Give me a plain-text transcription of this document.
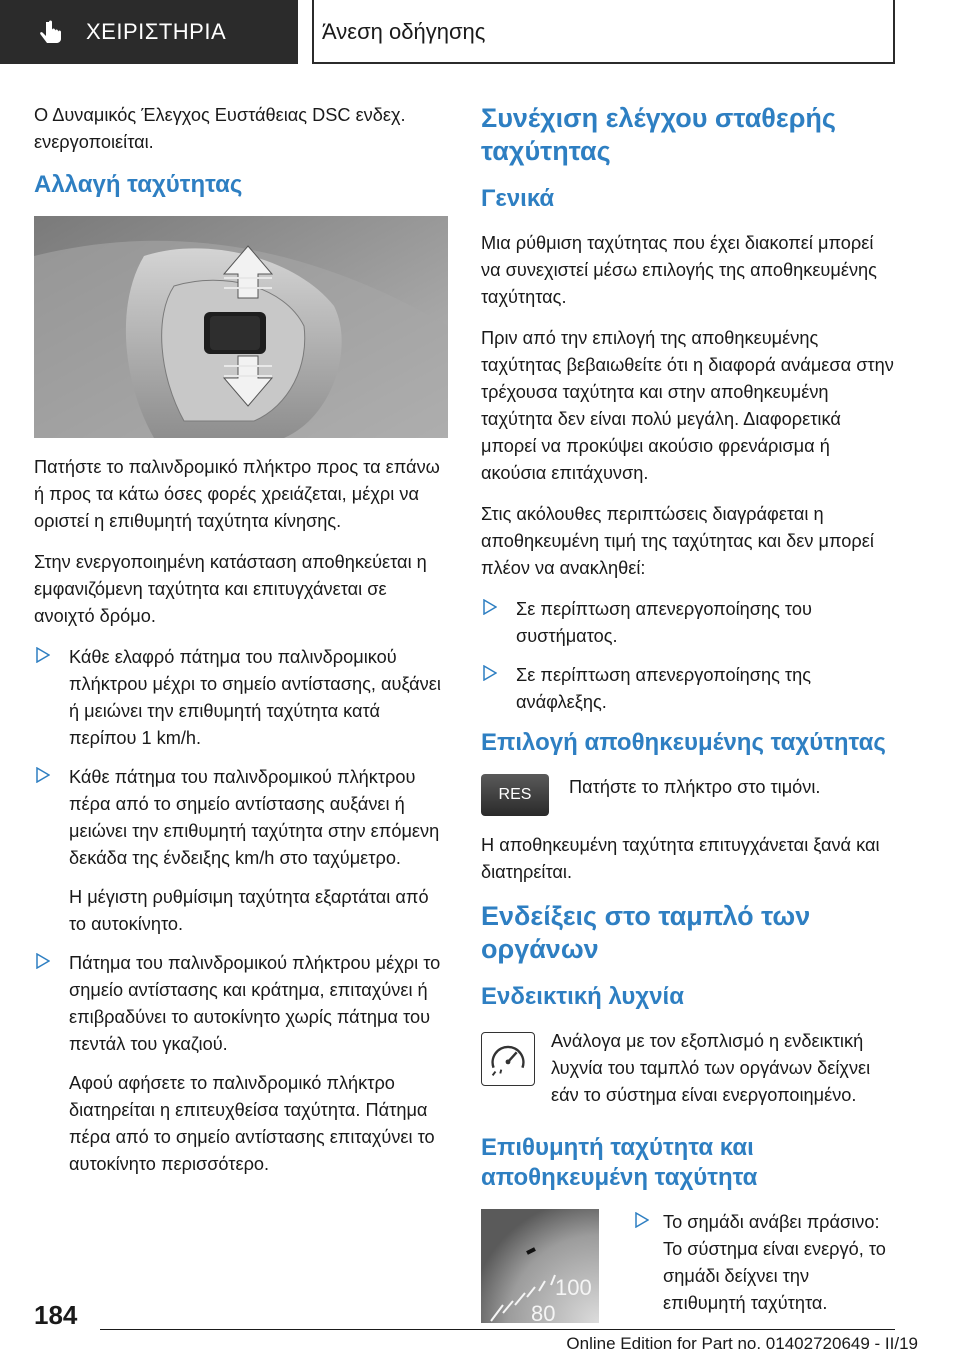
ΧΕΙΡΙΣΤΗΡΙΑ	Άνεση οδήγησης

Ο Δυναμικός Έλεγχος Ευστάθειας DSC ενδεχ. ενεργοποιείται.

Αλλαγή ταχύτητας

Πατήστε το παλινδρομικό πλήκτρο προς τα επάνω ή προς τα κάτω όσες φορές χρειάζεται, μέχρι να οριστεί η επιθυμητή ταχύτητα κίνησης.

Στην ενεργοποιημένη κατάσταση αποθηκεύεται η εμφανιζόμενη ταχύτητα και επιτυγχάνεται σε ανοιχτό δρόμο.

Κάθε ελαφρό πάτημα του παλινδρομικού πλήκτρου μέχρι το σημείο αντίστασης, αυξάνει ή μειώνει την επιθυμητή ταχύτητα κατά περίπου 1 km/h.

Κάθε πάτημα του παλινδρομικού πλήκτρου πέρα από το σημείο αντίστασης αυξάνει ή μειώνει την επιθυμητή ταχύτητα στην επόμενη δεκάδα της ένδειξης km/h στο ταχύμετρο.

Η μέγιστη ρυθμίσιμη ταχύτητα εξαρτάται από το αυτοκίνητο.

Πάτημα του παλινδρομικού πλήκτρου μέχρι το σημείο αντίστασης και κράτημα, επιταχύνει ή επιβραδύνει το αυτοκίνητο χωρίς πάτημα του πεντάλ του γκαζιού.

Αφού αφήσετε το παλινδρομικό πλήκτρο διατηρείται η επιτευχθείσα ταχύτητα. Πάτημα πέρα από το σημείο αντίστασης επιταχύνει το αυτοκίνητο περισσότερο.

Συνέχιση ελέγχου σταθερής ταχύτητας
Γενικά

Μια ρύθμιση ταχύτητας που έχει διακοπεί μπορεί να συνεχιστεί μέσω επιλογής της αποθηκευμένης ταχύτητας.

Πριν από την επιλογή της αποθηκευμένης ταχύτητας βεβαιωθείτε ότι η διαφορά ανάμεσα στην τρέχουσα ταχύτητα και στην αποθηκευμένη ταχύτητα δεν είναι πολύ μεγάλη. Διαφορετικά μπορεί να προκύψει ακούσιο φρενάρισμα ή ακούσια επιτάχυνση.

Στις ακόλουθες περιπτώσεις διαγράφεται η αποθηκευμένη τιμή της ταχύτητας και δεν μπορεί πλέον να ανακληθεί:

Σε περίπτωση απενεργοποίησης του συστήματος.

Σε περίπτωση απενεργοποίησης της ανάφλεξης.

Επιλογή αποθηκευμένης ταχύτητας
RES	Πατήστε το πλήκτρο στο τιμόνι.

Η αποθηκευμένη ταχύτητα επιτυγχάνεται ξανά και διατηρείται.

Ενδείξεις στο ταμπλό των οργάνων
Ενδεικτική λυχνία

Ανάλογα με τον εξοπλισμό η ενδεικτική λυχνία του ταμπλό των οργάνων δείχνει εάν το σύστημα είναι ενεργοποιημένο.

Επιθυμητή ταχύτητα και αποθηκευμένη ταχύτητα
100
80

Το σημάδι ανάβει πράσινο: Το σύστημα είναι ενεργό, το σημάδι δείχνει την επιθυμητή ταχύτητα.

184
Online Edition for Part no. 01402720649 - II/19
